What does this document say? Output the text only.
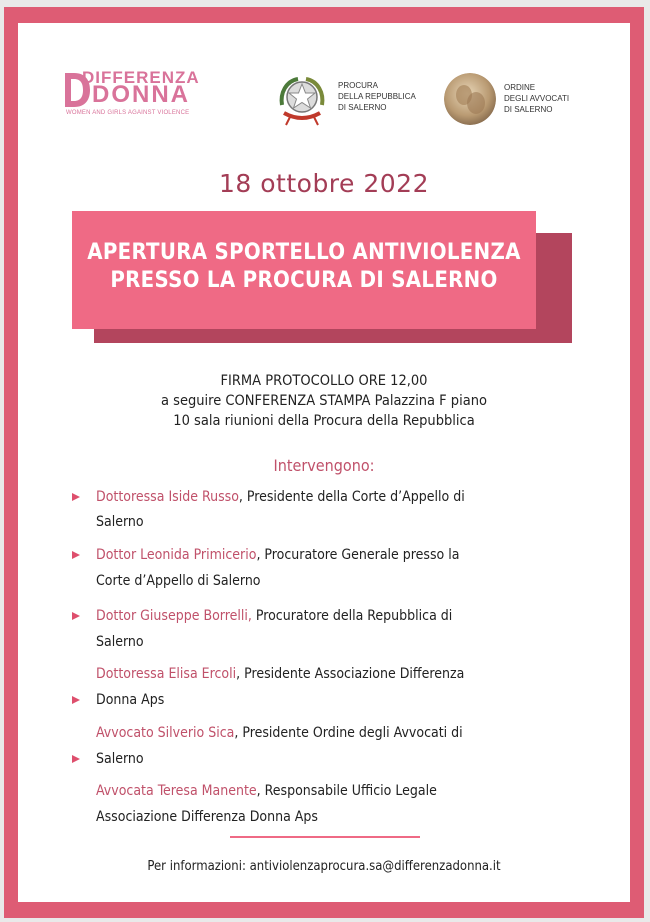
DIFFERENZA
DONNA
WOMEN AND GIRLS AGAINST VIOLENCE
PROCURA
DELLA REPUBBLICA
DI SALERNO
ORDINE
DEGLI AVVOCATI
DI SALERNO
18 ottobre 2022
APERTURA SPORTELLO ANTIVIOLENZA
PRESSO LA PROCURA DI SALERNO
FIRMA PROTOCOLLO ORE 12,00
a seguire CONFERENZA STAMPA Palazzina F piano
10 sala riunioni della Procura della Repubblica
Intervengono:
Dottoressa Iside Russo, Presidente della Corte d’Appello di
Salerno
Dottor Leonida Primicerio, Procuratore Generale presso la
Corte d’Appello di Salerno
Dottor Giuseppe Borrelli, Procuratore della Repubblica di
Salerno
Dottoressa Elisa Ercoli, Presidente Associazione Differenza
Donna Aps
Avvocato Silverio Sica, Presidente Ordine degli Avvocati di
Salerno
Avvocata Teresa Manente, Responsabile Ufficio Legale
Associazione Differenza Donna Aps
Per informazioni: antiviolenzaprocura.sa@differenzadonna.it
